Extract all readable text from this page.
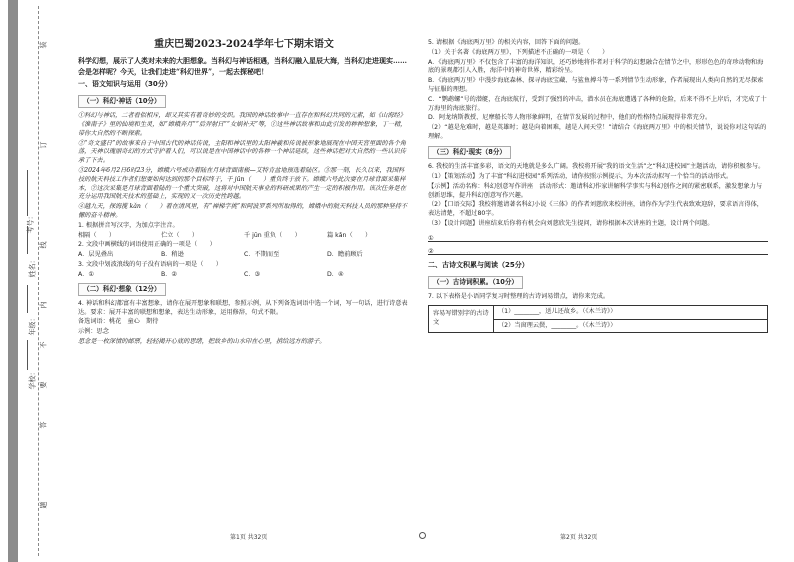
考号：
姓名：
年级：
学校：
装
订
线
内
不
要
答
题
重庆巴蜀2023-2024学年七下期末语文
科学幻想，展示了人类对未来的大胆想象。当科幻与神话相遇，当科幻融入星辰大海，当科幻走进现实……会是怎样呢？今天，让我们走进“科幻世界”，一起去探秘吧！
一、语文知识与运用（30分）
（一）科幻·神话（10分）
①科幻与神话，二者看似相斥，却又其实有着奇妙的交织。我国的神话故事中一直存在和科幻共同的元素，如《山海经》《淮南子》里的仙境和生灵，如“嫦娥奔月”“后羿射日”“女娲补天”等，①这些神话故事和由此引发的种种想象，丁一精，带你大自然的不断探索。
②“奇文盛日”的故事来自于中国古代的神话传说，主阳和神话里的太阳神羲和传说被形象地展现在中国天宫里面的各个角落，天神以瑰丽奇幻的方式守护着人们，可以说是在中国神话中的各种一个神话延续，这些神话把对大自然的一些认识传承了下去。
③2024年6月2日6时23分，嫦娥六号成功着陆在月球背面南极—艾特肯盆地预选着陆区。③那一刻，长久以来，我国科技的航天科技工作者们想要如何达到的那个目标终于，千 jūn（　　）重负终于放下。嫦娥六号此次要在月球背面采集样本，②这次采集是月球背面着陆的一个重大突破，这将对中国航天事业的科研成果的产生一定的积极作用。该次任务是在充分运用我国航天技术的基础上，实现的又一次历史性跨越。
④越九天，探海揽 kǎn（　　）着在清风里，有“禅梯字挑”和阿波罗系列所取得的，嫦娥中的航天科技人员的那种坚持不懈的奋斗精神。
1. 根据拼音写汉字，为加点字注音。
相隔（　　）	伫立（　　）	千 jūn 重负（　　）	篇 kǎn（　　）
2. 文段中画横线的词语使用正确的一项是（　　）
A．层见叠出	B．稍逊	C．不期而至	D．瞻前顾后
3. 文段中划波浪线的句子没有语病的一项是（　　）
A．①	B．②	C．③	D．④
（二）科幻·想象（12分）
4. 神话和科幻都富有丰富想象，请你在展开想象和联想，参照示例，从下列备选词语中选一个词，写一句话，进行诗意表达。要求：展开丰富的联想和想象，表达生动形象，运用修辞，句式不限。
备选词语：桃花　童心　期待
示例：思念
思念是一枚深情的邮票，轻轻揭开心底的思绪，把故乡的山水印在心里，捎给远方的游子。
5. 请根据《海底两万里》的相关内容，回答下面的问题。
（1）关于名著《海底两万里》，下列描述不正确的一项是（　　）
A．《海底两万里》不仅包含了丰富的海洋知识，还巧妙地将作者对于科学的幻想融合在情节之中，形形色色的奇珍动物和海底的景观都引人入胜，海洋中的神奇世界，精彩纷呈。
B．《海底两万里》中漫步海底森林、探寻海底宝藏、与鲨鱼搏斗等一系列情节生动形象，作者展现出人类向自然的无尽探索与征服的理想。
C．“鹦鹉螺”号的潜艇，在海底航行，受到了强烈的冲击，潜水员在海底遭遇了各种的危险，后来不得不上岸后，才完成了十万海里的海底旅行。
D．阿龙纳斯教授、尼摩船长等人物形象鲜明，在情节发展的过程中，他们的性格特点展现得非常充分。
（2）“越是危难时，越是英雄时；越是向着困难，越是人间天堂！”请结合《海底两万里》中的相关情节，说说你对这句话的理解。
（三）科幻·现实（8分）
6. 我校的生活丰富多彩，语文的天地就是多么广阔。我校将开展“我的语文生活”之“科幻进校园”主题活动，请你积极参与。
（1）【策划活动】为了丰富“科幻进校园”系列活动，请你按照示例提示，为本次活动拟写一个恰当的活动形式。
【示例】活动名称：科幻创意写作讲座　活动形式：邀请科幻作家讲解科学事实与科幻创作之间的紧密联系，激发想象力与创新思维，提升科幻创意写作兴趣。
（2）【口语交际】我校将邀请著名科幻小说《三体》的作者刘慈欣来校讲座，请你作为学生代表致欢迎辞，要求语言得体，表达清楚，不超过80字。
（3）【设计问题】讲座结束后你将有机会向刘慈欣先生提问，请你根据本次讲座的主题，设计两个问题。
①
②
二、古诗文积累与阅读（25分）
（一）古诗词积累。（10分）
7. 以下表格是小语同学复习时整理的古诗词易错点，请你来完成。
容易写错别字的古诗文	（1）________，送儿还故乡。（《木兰诗》）
（2）当窗理云鬓，________。（《木兰诗》）
第1页 共32页	第2页 共32页
